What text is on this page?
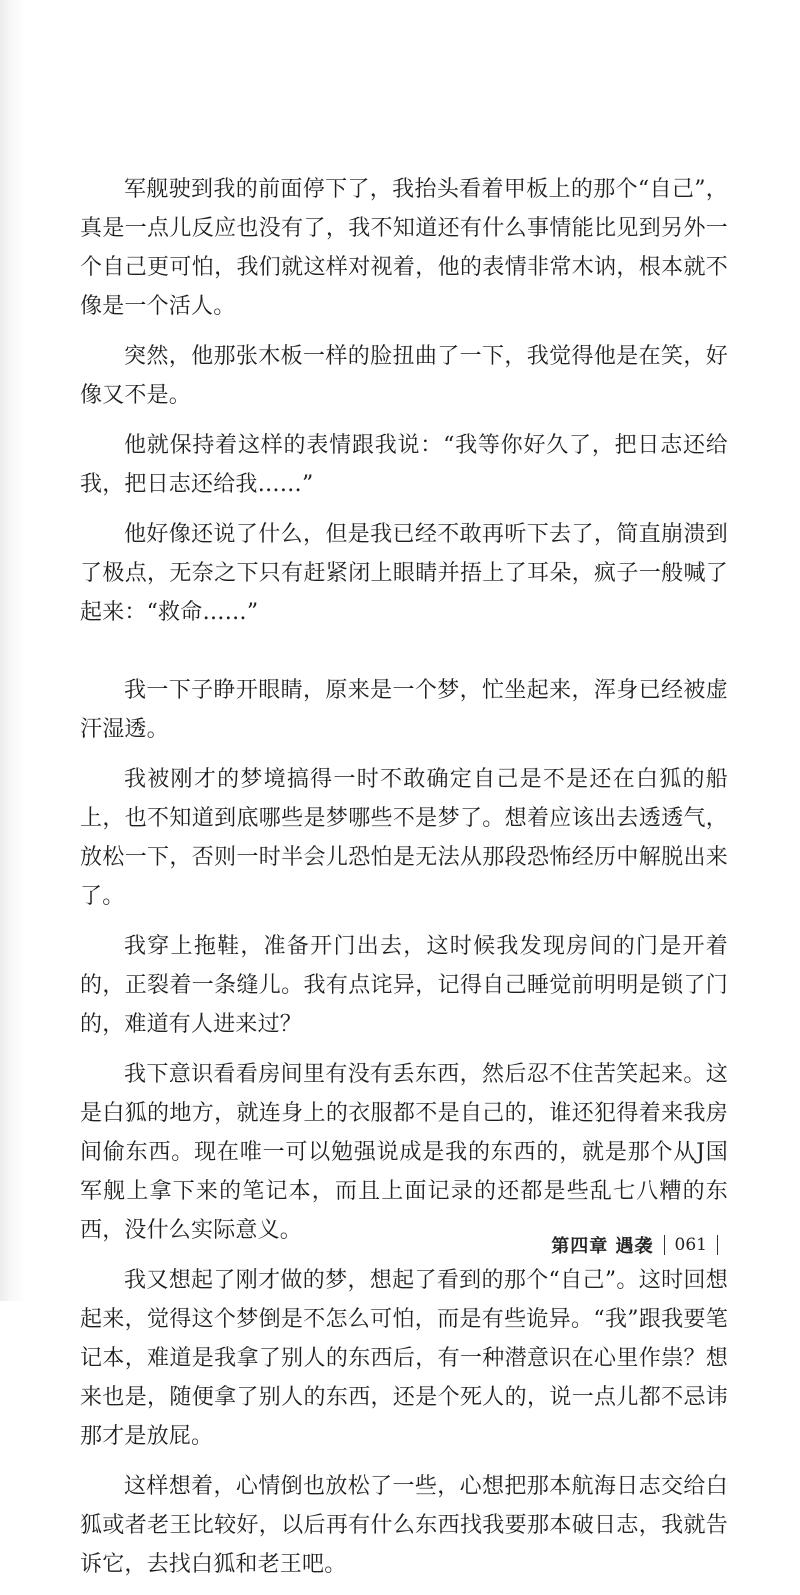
军舰驶到我的前面停下了，我抬头看着甲板上的那个“自己”，真是一点儿反应也没有了，我不知道还有什么事情能比见到另外一个自己更可怕，我们就这样对视着，他的表情非常木讷，根本就不像是一个活人。

突然，他那张木板一样的脸扭曲了一下，我觉得他是在笑，好像又不是。

他就保持着这样的表情跟我说：“我等你好久了，把日志还给我，把日志还给我……”

他好像还说了什么，但是我已经不敢再听下去了，简直崩溃到了极点，无奈之下只有赶紧闭上眼睛并捂上了耳朵，疯子一般喊了起来：“救命……”

我一下子睁开眼睛，原来是一个梦，忙坐起来，浑身已经被虚汗湿透。

我被刚才的梦境搞得一时不敢确定自己是不是还在白狐的船上，也不知道到底哪些是梦哪些不是梦了。想着应该出去透透气，放松一下，否则一时半会儿恐怕是无法从那段恐怖经历中解脱出来了。

我穿上拖鞋，准备开门出去，这时候我发现房间的门是开着的，正裂着一条缝儿。我有点诧异，记得自己睡觉前明明是锁了门的，难道有人进来过？

我下意识看看房间里有没有丢东西，然后忍不住苦笑起来。这是白狐的地方，就连身上的衣服都不是自己的，谁还犯得着来我房间偷东西。现在唯一可以勉强说成是我的东西的，就是那个从J国军舰上拿下来的笔记本，而且上面记录的还都是些乱七八糟的东西，没什么实际意义。

我又想起了刚才做的梦，想起了看到的那个“自己”。这时回想起来，觉得这个梦倒是不怎么可怕，而是有些诡异。“我”跟我要笔记本，难道是我拿了别人的东西后，有一种潜意识在心里作祟？想来也是，随便拿了别人的东西，还是个死人的，说一点儿都不忌讳那才是放屁。

这样想着，心情倒也放松了一些，心想把那本航海日志交给白狐或者老王比较好，以后再有什么东西找我要那本破日志，我就告诉它，去找白狐和老王吧。

第四章 遇袭 061
